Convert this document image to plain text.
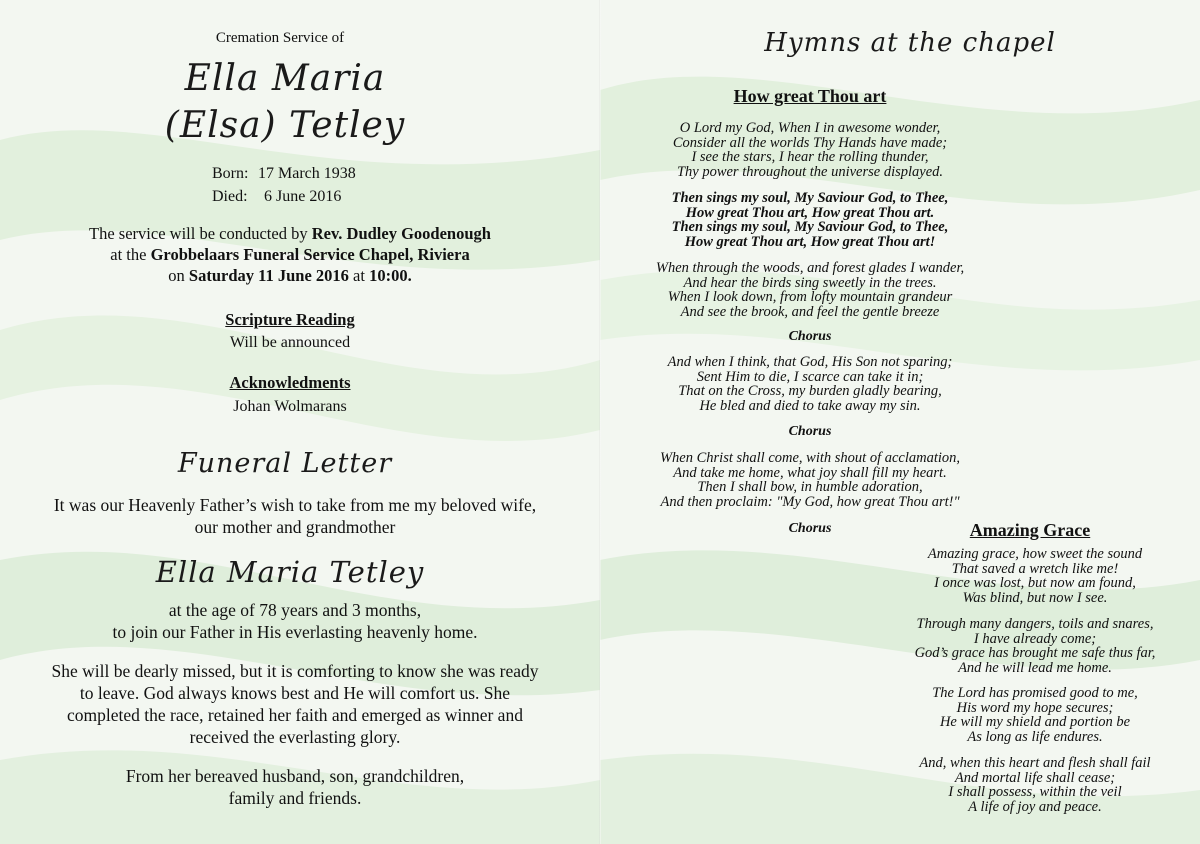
Cremation Service of
Ella Maria
(Elsa) Tetley
Born: 17 March 1938
Died: 6 June 2016
The service will be conducted by Rev. Dudley Goodenough
at the Grobbelaars Funeral Service Chapel, Riviera
on Saturday 11 June 2016 at 10:00.
Scripture Reading
Will be announced
Acknowledments
Johan Wolmarans
Funeral Letter
It was our Heavenly Father’s wish to take from me my beloved wife,
our mother and grandmother
Ella Maria Tetley
at the age of 78 years and 3 months,
to join our Father in His everlasting heavenly home.
She will be dearly missed, but it is comforting to know she was ready
to leave. God always knows best and He will comfort us. She
completed the race, retained her faith and emerged as winner and
received the everlasting glory.
From her bereaved husband, son, grandchildren,
family and friends.
Hymns at the chapel
How great Thou art
O Lord my God, When I in awesome wonder,
Consider all the worlds Thy Hands have made;
I see the stars, I hear the rolling thunder,
Thy power throughout the universe displayed.
Then sings my soul, My Saviour God, to Thee,
How great Thou art, How great Thou art.
Then sings my soul, My Saviour God, to Thee,
How great Thou art, How great Thou art!
When through the woods, and forest glades I wander,
And hear the birds sing sweetly in the trees.
When I look down, from lofty mountain grandeur
And see the brook, and feel the gentle breeze
Chorus
And when I think, that God, His Son not sparing;
Sent Him to die, I scarce can take it in;
That on the Cross, my burden gladly bearing,
He bled and died to take away my sin.
Chorus
When Christ shall come, with shout of acclamation,
And take me home, what joy shall fill my heart.
Then I shall bow, in humble adoration,
And then proclaim: "My God, how great Thou art!"
Chorus	Amazing Grace
Amazing grace, how sweet the sound
That saved a wretch like me!
I once was lost, but now am found,
Was blind, but now I see.
Through many dangers, toils and snares,
I have already come;
God’s grace has brought me safe thus far,
And he will lead me home.
The Lord has promised good to me,
His word my hope secures;
He will my shield and portion be
As long as life endures.
And, when this heart and flesh shall fail
And mortal life shall cease;
I shall possess, within the veil
A life of joy and peace.
